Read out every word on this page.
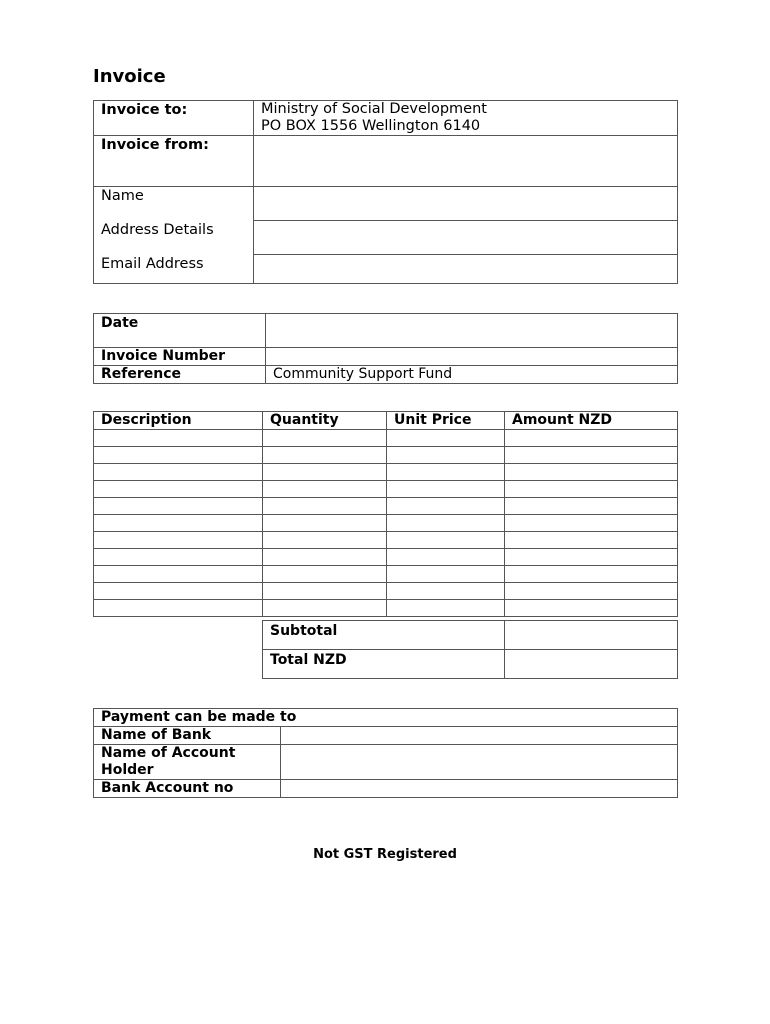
Invoice
Invoice to:	Ministry of Social Development
PO BOX 1556 Wellington 6140

Invoice from:	

Name
Address Details
Email Address	

Date	
Invoice Number	
Reference	Community Support Fund
Description	Quantity	Unit Price	Amount NZD

Subtotal	
Total NZD	
Payment can be made to	
Name of Bank	

Name of Account
Holder	

Bank Account no	
Not GST Registered
